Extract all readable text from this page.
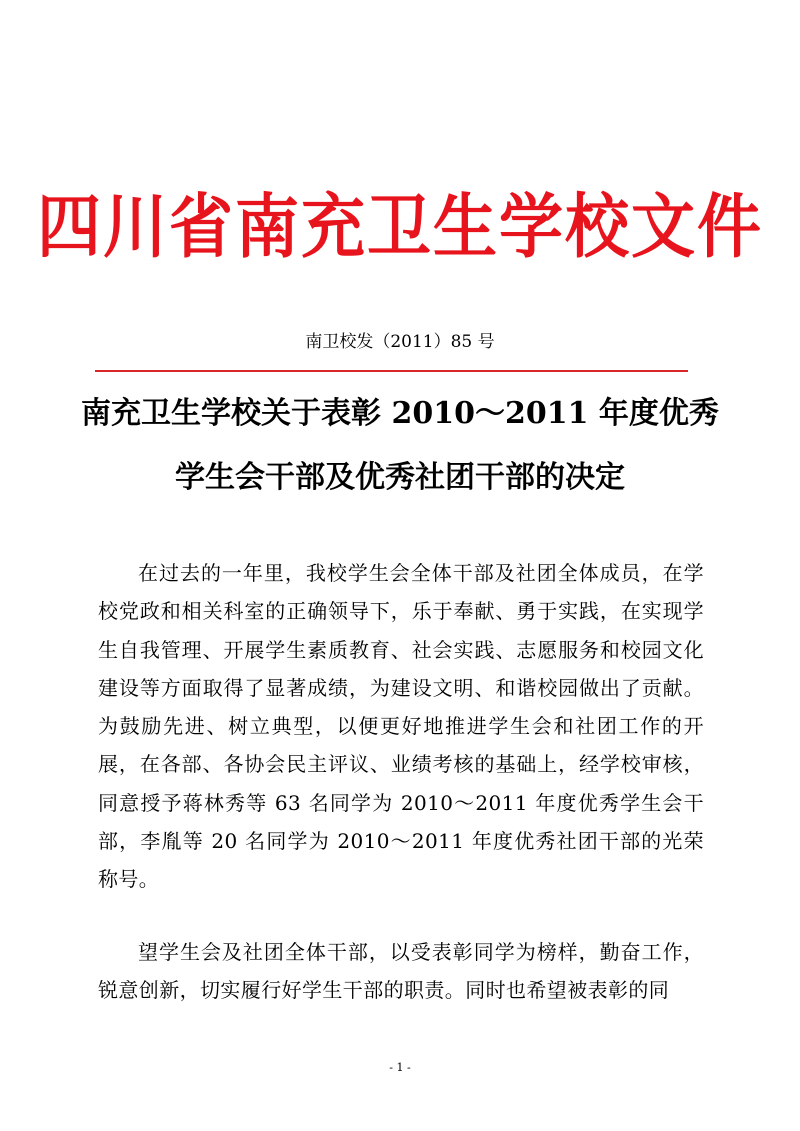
四川省南充卫生学校文件
南卫校发（2011）85 号
南充卫生学校关于表彰 2010～2011 年度优秀
学生会干部及优秀社团干部的决定
在过去的一年里，我校学生会全体干部及社团全体成员，在学校党政和相关科室的正确领导下，乐于奉献、勇于实践，在实现学生自我管理、开展学生素质教育、社会实践、志愿服务和校园文化建设等方面取得了显著成绩，为建设文明、和谐校园做出了贡献。为鼓励先进、树立典型，以便更好地推进学生会和社团工作的开展，在各部、各协会民主评议、业绩考核的基础上，经学校审核，同意授予蒋林秀等 63 名同学为 2010～2011 年度优秀学生会干部，李胤等 20 名同学为 2010～2011 年度优秀社团干部的光荣称号。
望学生会及社团全体干部，以受表彰同学为榜样，勤奋工作，锐意创新，切实履行好学生干部的职责。同时也希望被表彰的同
- 1 -
